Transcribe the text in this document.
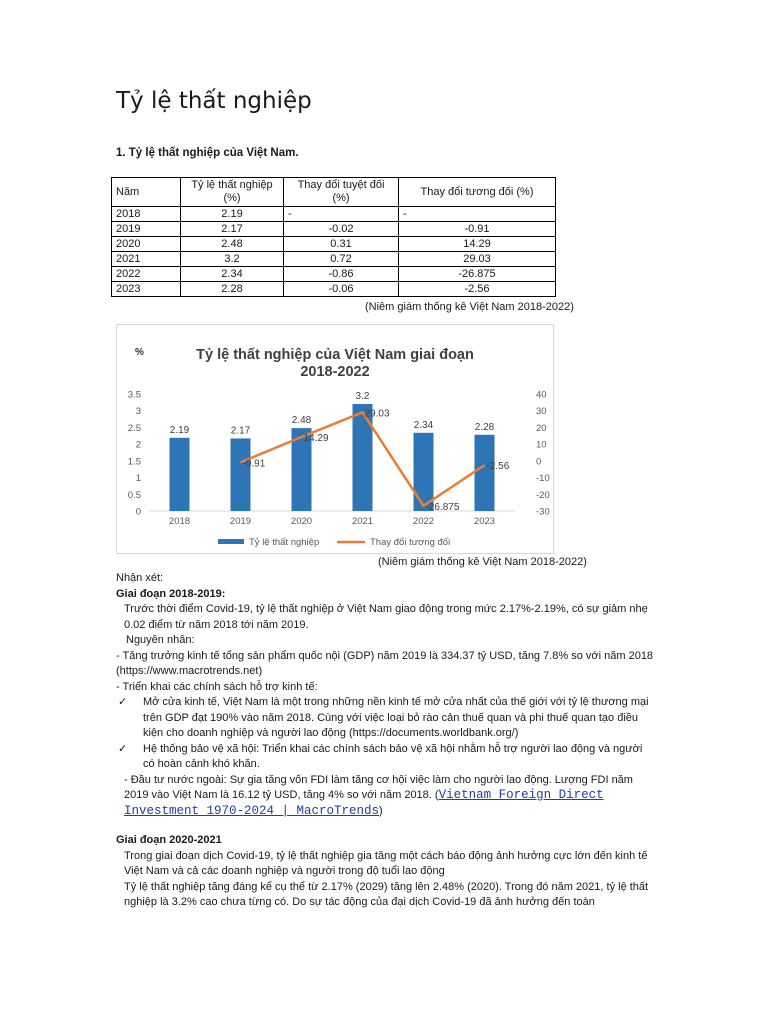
Tỷ lệ thất nghiệp
1. Tỷ lệ thất nghiệp của Việt Nam.
Năm	Tỷ lệ thất nghiệp (%)	Thay đổi tuyệt đối (%)	Thay đổi tương đối (%)
2018	2.19	-	-
2019	2.17	-0.02	-0.91
2020	2.48	0.31	14.29
2021	3.2	0.72	29.03
2022	2.34	-0.86	-26.875
2023	2.28	-0.06	-2.56
(Niêm giám thống kê Việt Nam 2018-2022)
%	Tỷ lệ thất nghiệp của Việt Nam giai đoạn
2018-2022
0
0.5
1
1.5
2
2.5
3
3.5
-30
-20
-10
0
10
20
30
40
2.19	2.17
2.48
3.2
2.34	2.28
2018	2019	2020	2021	2022	2023
-0.91
14.29
29.03
-26.875
-2.56
Tỷ lệ thất nghiệp	Thay đổi tương đối
(Niêm giám thống kê Việt Nam 2018-2022)
Nhận xét:
Giai đoạn 2018-2019:
Trước thời điểm Covid-19, tỷ lệ thất nghiệp ở Việt Nam giao động trong mức 2.17%-2.19%, có sự giảm nhẹ 0.02 điểm từ năm 2018 tới năm 2019.
Nguyên nhân:
- Tăng trưởng kinh tế tổng sản phẩm quốc nội (GDP) năm 2019 là 334.37 tỷ USD, tăng 7.8% so với năm 2018 (https://www.macrotrends.net)
- Triển khai các chính sách hỗ trợ kinh tế:
✓ Mở cửa kinh tế, Việt Nam là một trong những nền kinh tế mở cửa nhất của thế giới với tỷ lệ thương mại trên GDP đạt 190% vào năm 2018. Cùng với việc loại bỏ rào cản thuế quan và phi thuế quan tạo điều kiện cho doanh nghiệp và người lao động (https://documents.worldbank.org/)
✓ Hệ thống bảo vệ xã hội: Triển khai các chính sách bảo vệ xã hội nhằm hỗ trợ người lao động và người có hoàn cảnh khó khăn.
- Đầu tư nước ngoài: Sự gia tăng vốn FDI làm tăng cơ hội việc làm cho người lao động. Lượng FDI năm 2019 vào Việt Nam là 16.12 tỷ USD, tăng 4% so với năm 2018. (Vietnam Foreign Direct Investment 1970-2024 | MacroTrends)
Giai đoạn 2020-2021
Trong giai đoạn dịch Covid-19, tỷ lệ thất nghiệp gia tăng một cách báo động ảnh hưởng cực lớn đến kinh tế Việt Nam và cả các doanh nghiệp và người trong độ tuổi lao động
Tỷ lệ thất nghiệp tăng đáng kể cụ thể từ 2.17% (2029) tăng lên 2.48% (2020). Trong đó năm 2021, tỷ lệ thất nghiệp là 3.2% cao chưa từng có. Do sự tác động của đại dịch Covid-19 đã ảnh hưởng đến toàn
